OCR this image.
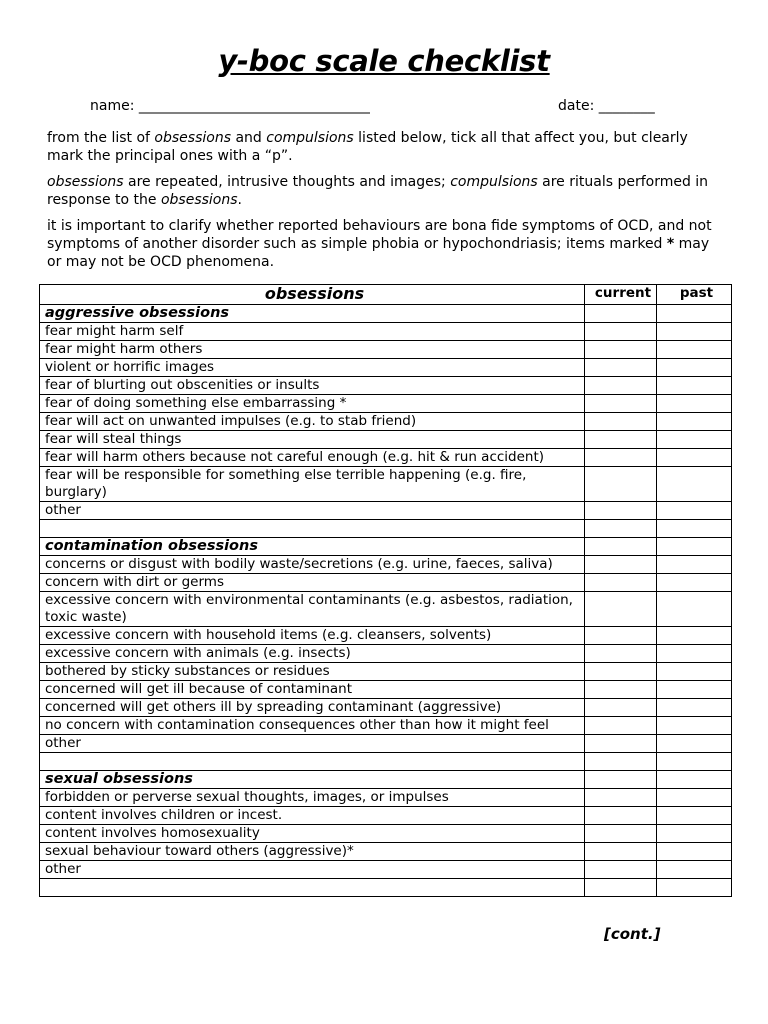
y-boc scale checklist
name: _________________________________	date: ________

from the list of obsessions and compulsions listed below, tick all that affect you, but clearly mark the principal ones with a “p”.

obsessions are repeated, intrusive thoughts and images; compulsions are rituals performed in response to the obsessions.

it is important to clarify whether reported behaviours are bona fide symptoms of OCD, and not symptoms of another disorder such as simple phobia or hypochondriasis; items marked * may or may not be OCD phenomena.

obsessions	current	past
aggressive obsessions		
fear might harm self		
fear might harm others		
violent or horrific images		
fear of blurting out obscenities or insults		
fear of doing something else embarrassing *		
fear will act on unwanted impulses (e.g. to stab friend)		
fear will steal things		
fear will harm others because not careful enough (e.g. hit & run accident)		
fear will be responsible for something else terrible happening (e.g. fire, burglary)		
other		

contamination obsessions		
concerns or disgust with bodily waste/secretions (e.g. urine, faeces, saliva)		
concern with dirt or germs		
excessive concern with environmental contaminants (e.g. asbestos, radiation, toxic waste)		
excessive concern with household items (e.g. cleansers, solvents)		
excessive concern with animals (e.g. insects)		
bothered by sticky substances or residues		
concerned will get ill because of contaminant		
concerned will get others ill by spreading contaminant (aggressive)		
no concern with contamination consequences other than how it might feel		
other		

sexual obsessions		
forbidden or perverse sexual thoughts, images, or impulses		
content involves children or incest.		
content involves homosexuality		
sexual behaviour toward others (aggressive)*		
other		

[cont.]
